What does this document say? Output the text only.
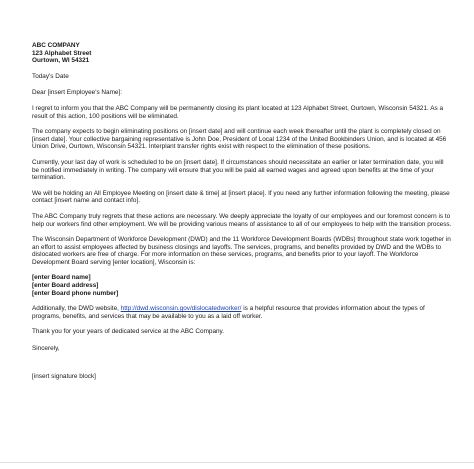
ABC COMPANY

123 Alphabet Street

Ourtown, WI 54321

Today's Date

Dear [insert Employee's Name]:

I regret to inform you that the ABC Company will be permanently closing its plant located at 123 Alphabet Street, Ourtown, Wisconsin 54321. As a result of this action, 100 positions will be eliminated.

The company expects to begin eliminating positions on [insert date] and will continue each week thereafter until the plant is completely closed on [insert date]. Your collective bargaining representative is John Doe, President of Local 1234 of the United Bookbinders Union, and is located at 456 Union Drive, Ourtown, Wisconsin 54321. Interplant transfer rights exist with respect to the elimination of these positions.

Currently, your last day of work is scheduled to be on [insert date]. If circumstances should necessitate an earlier or later termination date, you will be notified immediately in writing. The company will ensure that you will be paid all earned wages and agreed upon benefits at the time of your termination.

We will be holding an All Employee Meeting on [insert date & time] at [insert place]. If you need any further information following the meeting, please contact [insert name and contact info].

The ABC Company truly regrets that these actions are necessary. We deeply appreciate the loyalty of our employees and our foremost concern is to help our workers find other employment. We will be providing various means of assistance to all of our employees to help with the transition process.

The Wisconsin Department of Workforce Development (DWD) and the 11 Workforce Development Boards (WDBs) throughout state work together in an effort to assist employees affected by business closings and layoffs. The services, programs, and benefits provided by DWD and the WDBs to dislocated workers are free of charge. For more information on these services, programs, and benefits prior to your layoff. The Workforce Development Board serving [enter location], Wisconsin is:

[enter Board name]

[enter Board address]

[enter Board phone number]

Additionally, the DWD website, http://dwd.wisconsin.gov/dislocatedworker/ is a helpful resource that provides information about the types of programs, benefits, and services that may be available to you as a laid off worker.

Thank you for your years of dedicated service at the ABC Company.

Sincerely,

[insert signature block]
